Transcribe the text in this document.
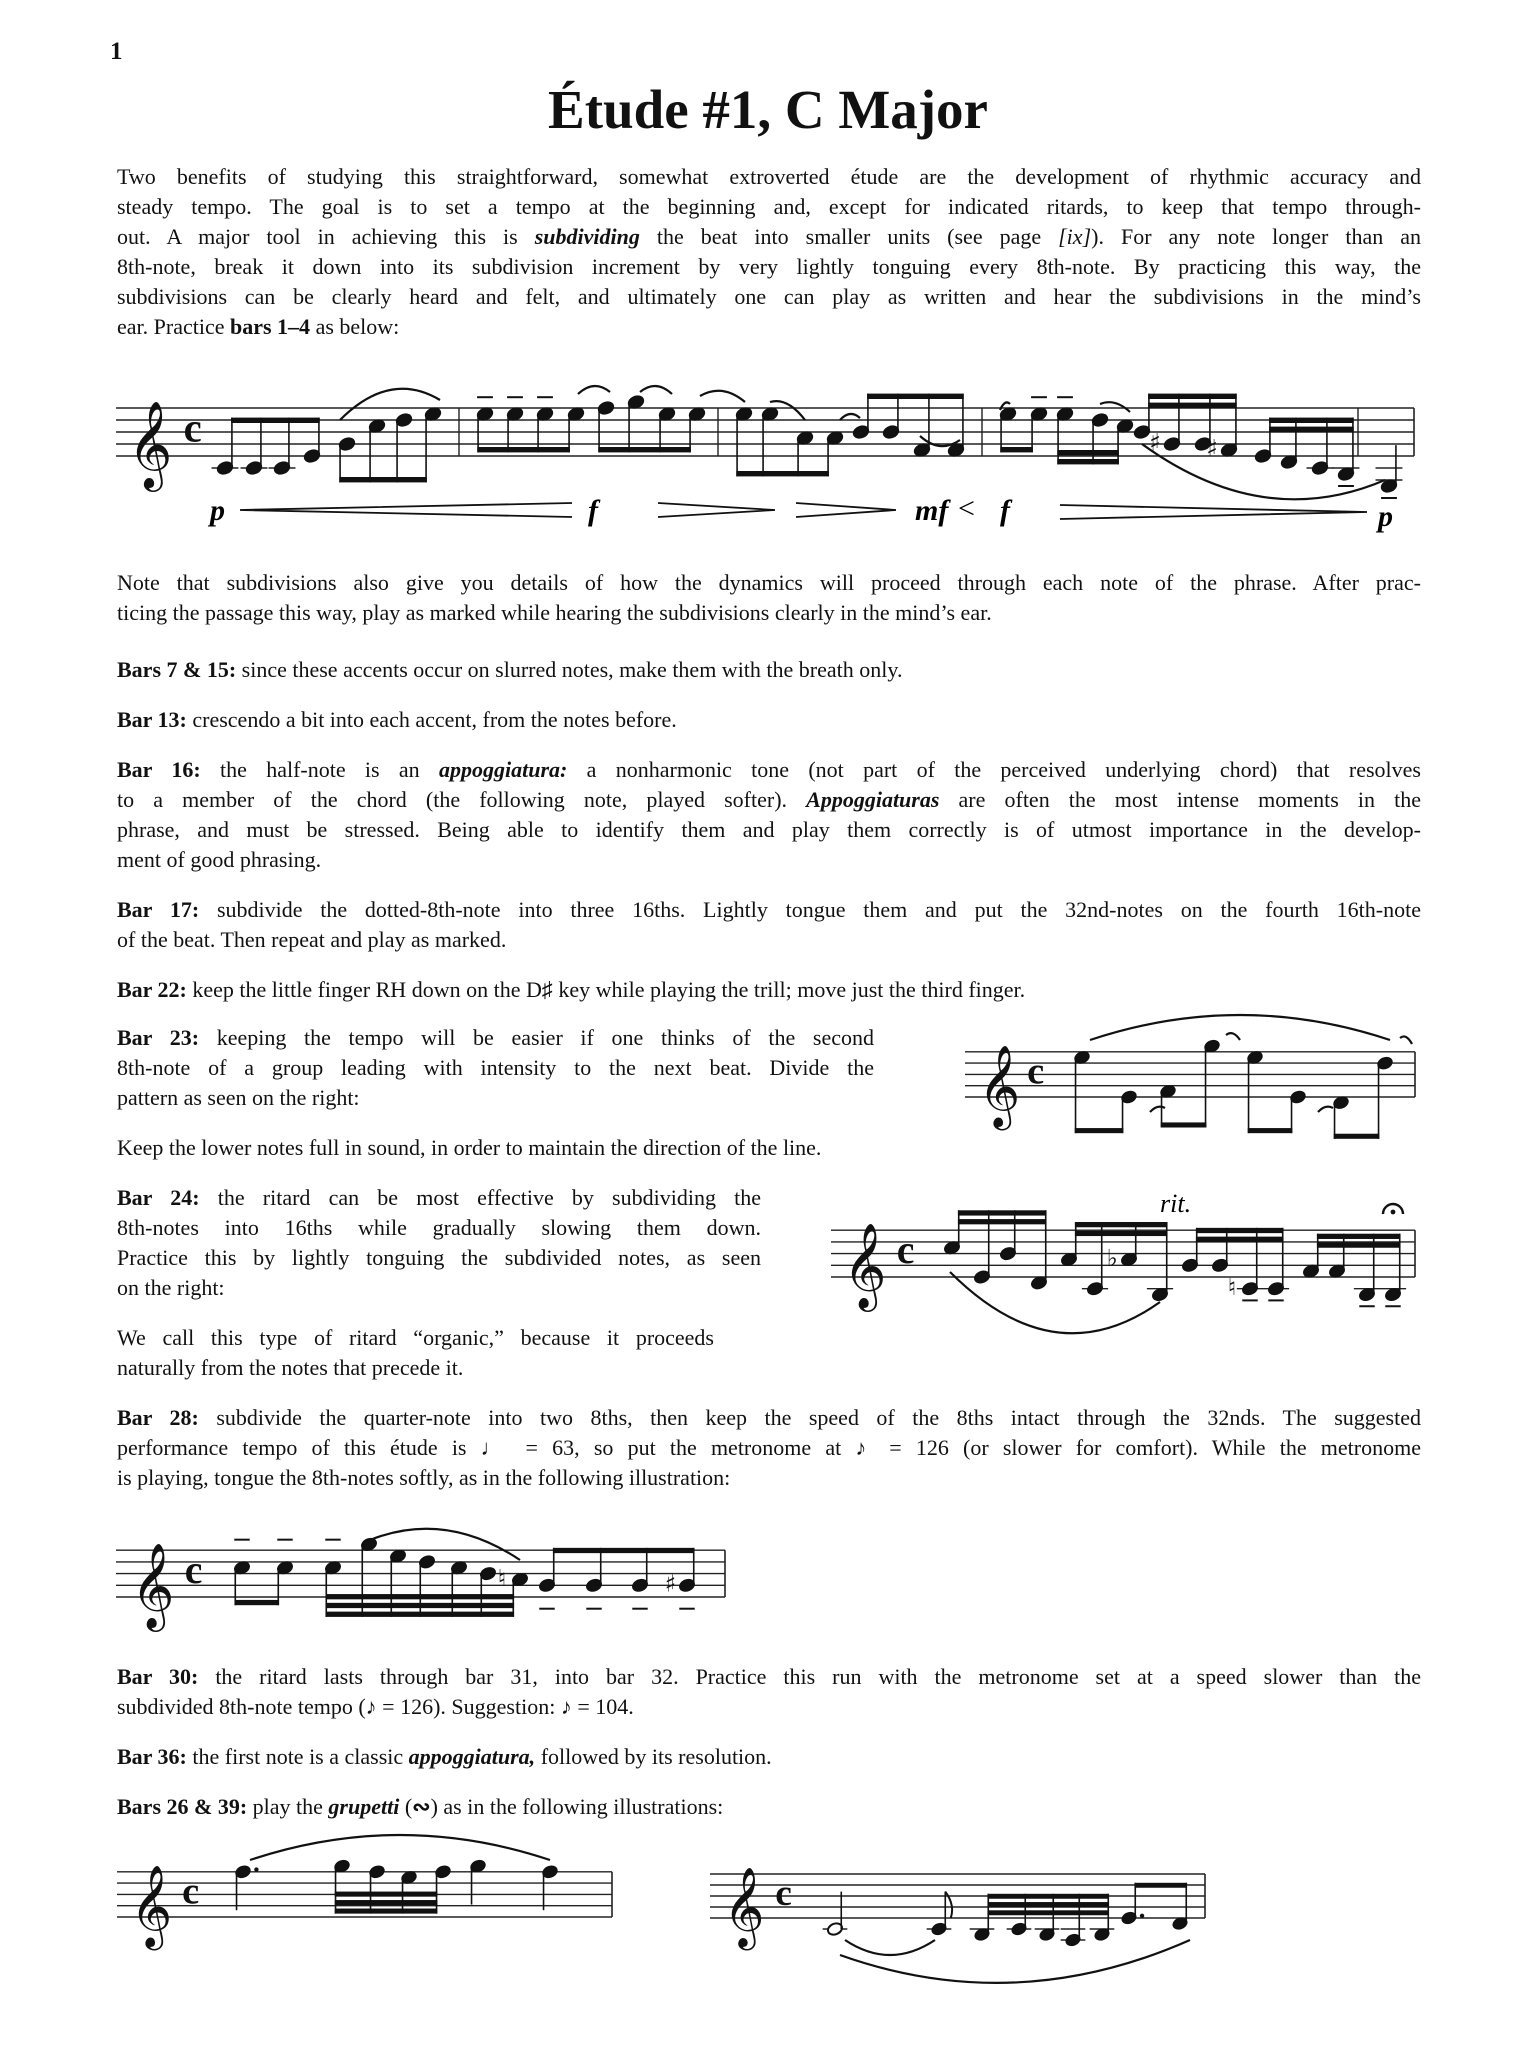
1
Étude #1, C Major
Two benefits of studying this straightforward, somewhat extroverted étude are the development of rhythmic accuracy and
steady tempo. The goal is to set a tempo at the beginning and, except for indicated ritards, to keep that tempo through-
out. A major tool in achieving this is subdividing the beat into smaller units (see page [ix]). For any note longer than an
8th-note, break it down into its subdivision increment by very lightly tonguing every 8th-note. By practicing this way, the
subdivisions can be clearly heard and felt, and ultimately one can play as written and hear the subdivisions in the mind’s
ear. Practice bars 1–4 as below:
Note that subdivisions also give you details of how the dynamics will proceed through each note of the phrase. After prac-
ticing the passage this way, play as marked while hearing the subdivisions clearly in the mind’s ear.
Bars 7 & 15: since these accents occur on slurred notes, make them with the breath only.
Bar 13: crescendo a bit into each accent, from the notes before.
Bar 16: the half-note is an appoggiatura: a nonharmonic tone (not part of the perceived underlying chord) that resolves
to a member of the chord (the following note, played softer). Appoggiaturas are often the most intense moments in the
phrase, and must be stressed. Being able to identify them and play them correctly is of utmost importance in the develop-
ment of good phrasing.
Bar 17: subdivide the dotted-8th-note into three 16ths. Lightly tongue them and put the 32nd-notes on the fourth 16th-note
of the beat. Then repeat and play as marked.
Bar 22: keep the little finger RH down on the D♯ key while playing the trill; move just the third finger.
Bar 23: keeping the tempo will be easier if one thinks of the second
8th-note of a group leading with intensity to the next beat. Divide the
pattern as seen on the right:
Keep the lower notes full in sound, in order to maintain the direction of the line.
Bar 24: the ritard can be most effective by subdividing the
8th-notes into 16ths while gradually slowing them down.
Practice this by lightly tonguing the subdivided notes, as seen
on the right:
We call this type of ritard “organic,” because it proceeds
naturally from the notes that precede it.
Bar 28: subdivide the quarter-note into two 8ths, then keep the speed of the 8ths intact through the 32nds. The suggested
performance tempo of this étude is ♩ = 63, so put the metronome at ♪ = 126 (or slower for comfort). While the metronome
is playing, tongue the 8th-notes softly, as in the following illustration:
Bar 30: the ritard lasts through bar 31, into bar 32. Practice this run with the metronome set at a speed slower than the
subdivided 8th-note tempo (♪ = 126). Suggestion: ♪ = 104.
Bar 36: the first note is a classic appoggiatura, followed by its resolution.
Bars 26 & 39: play the grupetti (∾) as in the following illustrations:
𝄞 c	♯ ♯
𝄞 c
𝄞 c	♭
♮
𝄞 c	♮	♯
𝄞 c	𝄞 c
p	f	mf < f	p
rit.
